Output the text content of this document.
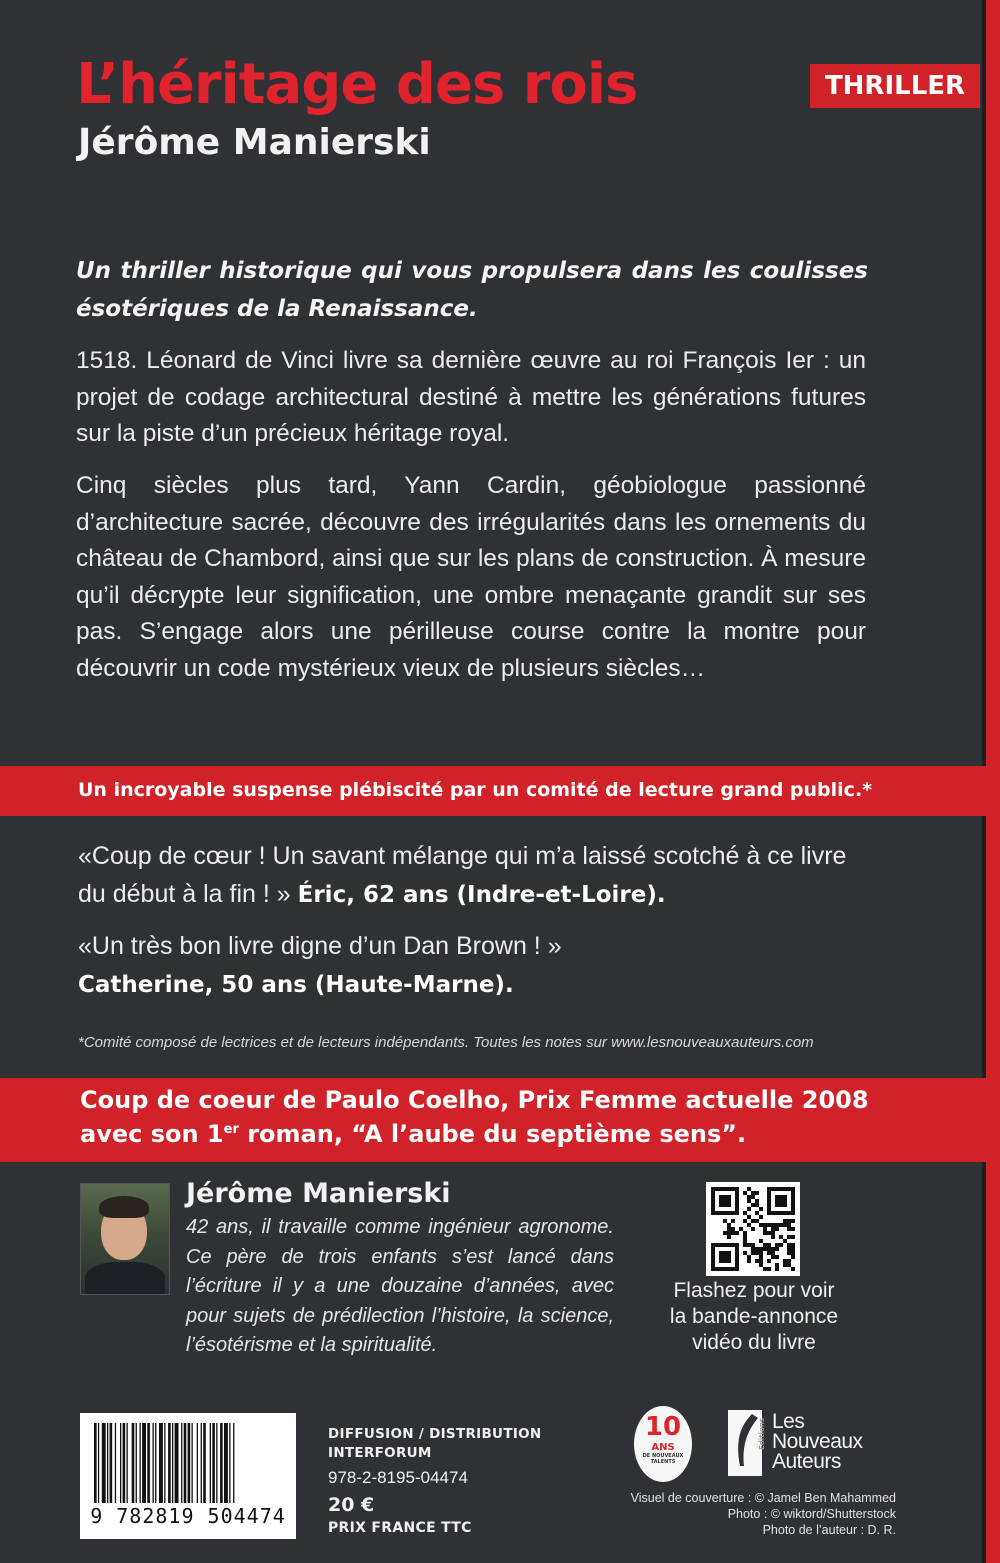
L’héritage des rois
Jérôme Manierski
THRILLER
Un thriller historique qui vous propulsera dans les coulisses ésotériques de la Renaissance.
1518. Léonard de Vinci livre sa dernière œuvre au roi François Ier : un projet de codage architectural destiné à mettre les générations futures sur la piste d’un précieux héritage royal.
Cinq siècles plus tard, Yann Cardin, géobiologue passionné d’architecture sacrée, découvre des irrégularités dans les ornements du château de Chambord, ainsi que sur les plans de construction. À mesure qu’il décrypte leur signification, une ombre menaçante grandit sur ses pas. S’engage alors une périlleuse course contre la montre pour découvrir un code mystérieux vieux de plusieurs siècles…
Un incroyable suspense plébiscité par un comité de lecture grand public.*
«Coup de cœur ! Un savant mélange qui m’a laissé scotché à ce livre du début à la fin ! » Éric, 62 ans (Indre-et-Loire).
«Un très bon livre digne d’un Dan Brown ! »
Catherine, 50 ans (Haute-Marne).
*Comité composé de lectrices et de lecteurs indépendants. Toutes les notes sur www.lesnouveauxauteurs.com
Coup de coeur de Paulo Coelho, Prix Femme actuelle 2008
avec son 1er roman, “A l’aube du septième sens”.
Jérôme Manierski
42 ans, il travaille comme ingénieur agronome. Ce père de trois enfants s’est lancé dans l’écriture il y a une douzaine d’années, avec pour sujets de prédilection l’histoire, la science, l’ésotérisme et la spiritualité.
Flashez pour voir
la bande-annonce
vidéo du livre
9 782819 504474
DIFFUSION / DISTRIBUTION
INTERFORUM
978-2-8195-04474
20 €
PRIX FRANCE TTC
10
ANS
DE NOUVEAUX TALENTS
Éditions Les
Nouveaux
Auteurs
Visuel de couverture : © Jamel Ben Mahammed
Photo : © wiktord/Shutterstock
Photo de l’auteur : D. R.
